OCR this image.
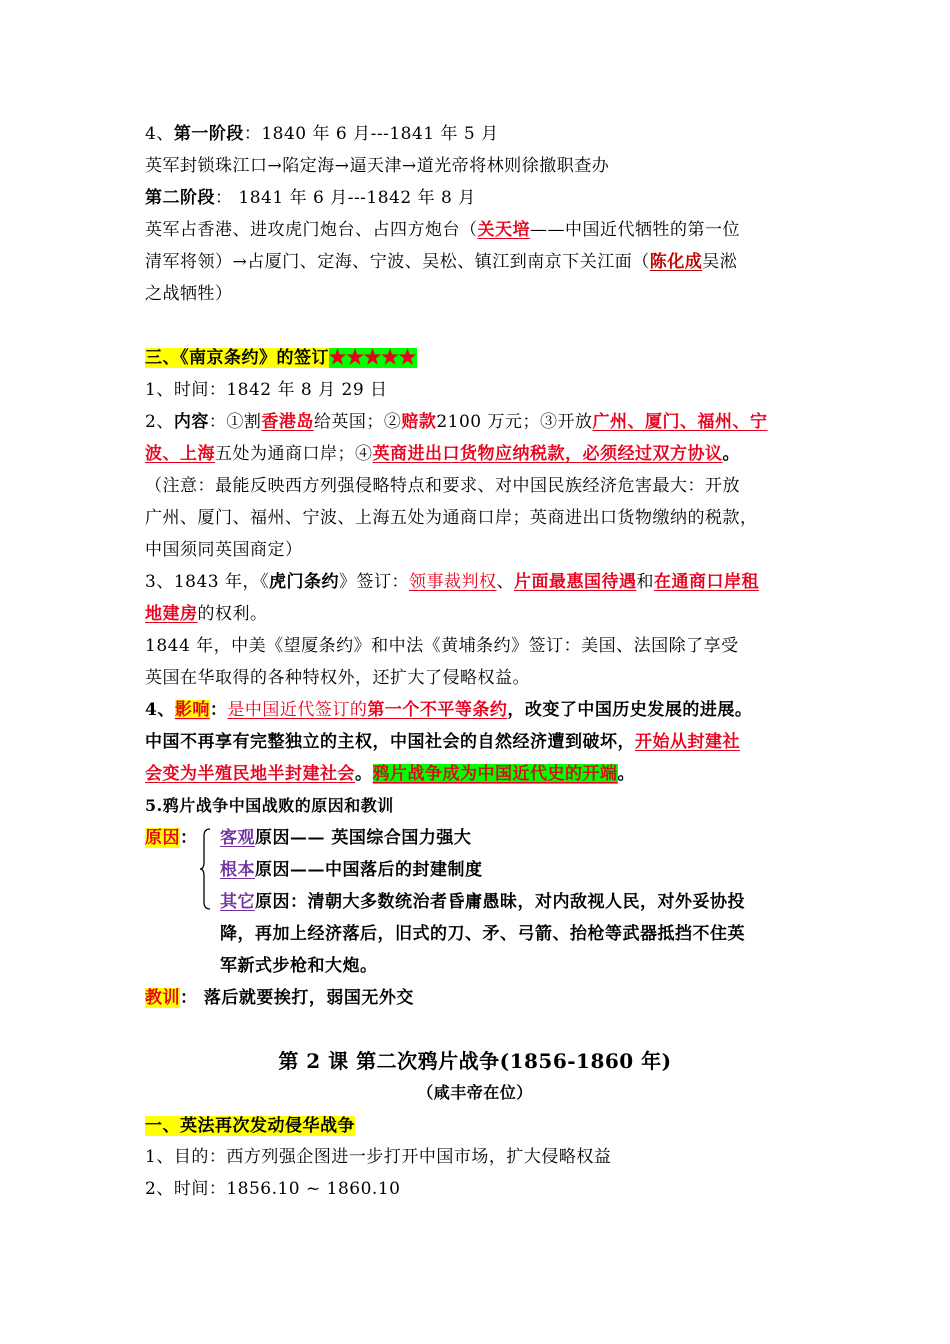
4、第一阶段：1840 年 6 月---1841 年 5 月
英军封锁珠江口→陷定海→逼天津→道光帝将林则徐撤职查办
第二阶段： 1841 年 6 月---1842 年 8 月
英军占香港、进攻虎门炮台、占四方炮台（关天培——中国近代牺牲的第一位
清军将领）→占厦门、定海、宁波、吴松、镇江到南京下关江面（陈化成吴淞
之战牺牲）
三、《南京条约》的签订★★★★★
1、时间：1842 年 8 月 29 日
2、内容：①割香港岛给英国；②赔款2100 万元；③开放广州、厦门、福州、宁
波、上海五处为通商口岸；④英商进出口货物应纳税款，必须经过双方协议。
（注意：最能反映西方列强侵略特点和要求、对中国民族经济危害最大：开放
广州、厦门、福州、宁波、上海五处为通商口岸；英商进出口货物缴纳的税款，
中国须同英国商定）
3、1843 年，《虎门条约》签订：领事裁判权、片面最惠国待遇和在通商口岸租
地建房的权利。
1844 年，中美《望厦条约》和中法《黄埔条约》签订：美国、法国除了享受
英国在华取得的各种特权外，还扩大了侵略权益。
4、影响：是中国近代签订的第一个不平等条约，改变了中国历史发展的进展。
中国不再享有完整独立的主权，中国社会的自然经济遭到破坏，开始从封建社
会变为半殖民地半封建社会。鸦片战争成为中国近代史的开端。
5.鸦片战争中国战败的原因和教训
原因：	客观原因—— 英国综合国力强大
根本原因——中国落后的封建制度
其它原因：清朝大多数统治者昏庸愚昧，对内敌视人民，对外妥协投
降，再加上经济落后，旧式的刀、矛、弓箭、抬枪等武器抵挡不住英
军新式步枪和大炮。
教训： 落后就要挨打，弱国无外交
第 2 课 第二次鸦片战争(1856-1860 年)
（咸丰帝在位）
一、英法再次发动侵华战争
1、目的：西方列强企图进一步打开中国市场，扩大侵略权益
2、时间：1856.10 ~ 1860.10
